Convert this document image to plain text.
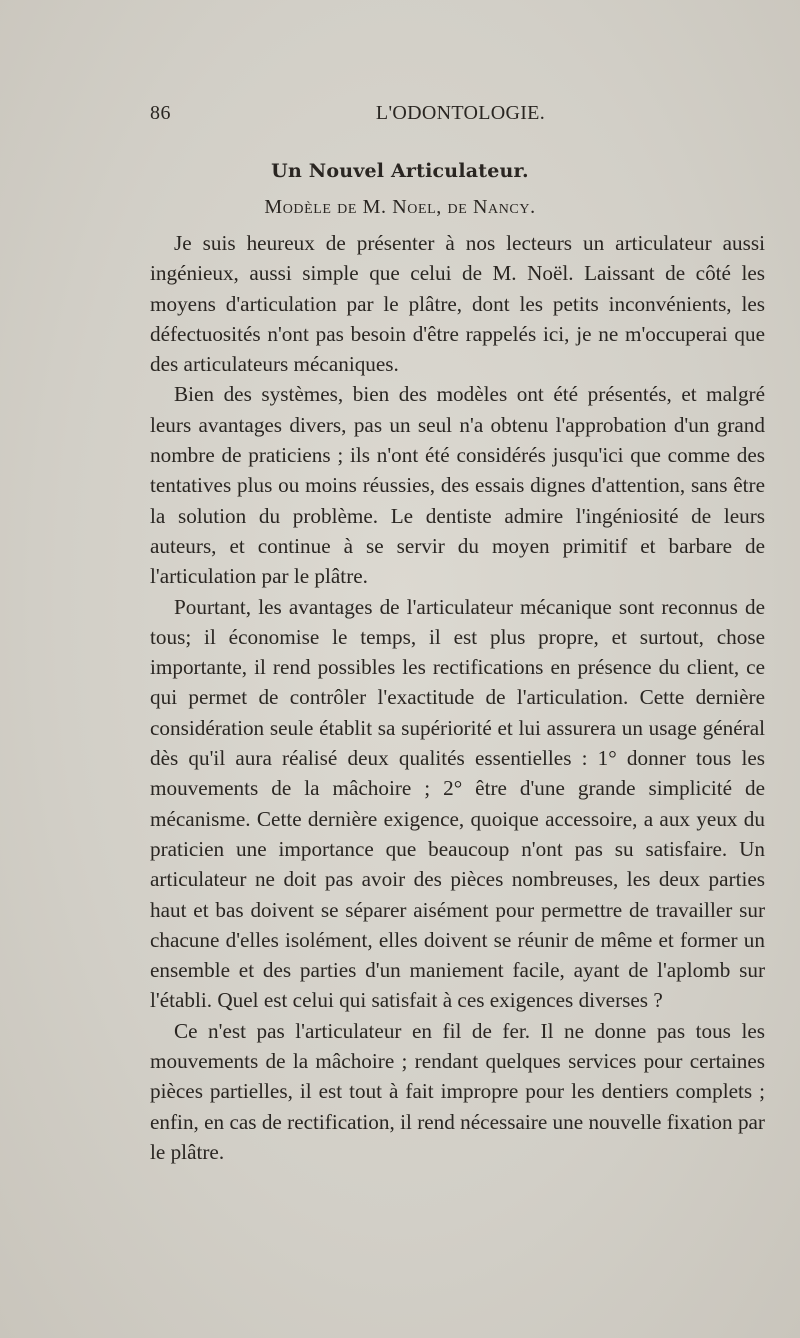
86	L'ODONTOLOGIE.
Un Nouvel Articulateur.
Modèle de M. Noel, de Nancy.

Je suis heureux de présenter à nos lecteurs un articulateur aussi ingénieux, aussi simple que celui de M. Noël. Laissant de côté les moyens d'articulation par le plâtre, dont les petits inconvénients, les défectuosités n'ont pas besoin d'être rappelés ici, je ne m'occuperai que des articulateurs mécaniques.

Bien des systèmes, bien des modèles ont été présentés, et malgré leurs avantages divers, pas un seul n'a obtenu l'approbation d'un grand nombre de praticiens ; ils n'ont été considérés jusqu'ici que comme des tentatives plus ou moins réussies, des essais dignes d'attention, sans être la solution du problème. Le dentiste admire l'ingéniosité de leurs auteurs, et continue à se servir du moyen primitif et barbare de l'articulation par le plâtre.

Pourtant, les avantages de l'articulateur mécanique sont reconnus de tous; il économise le temps, il est plus propre, et surtout, chose importante, il rend possibles les rectifications en présence du client, ce qui permet de contrôler l'exactitude de l'articulation. Cette dernière considération seule établit sa supériorité et lui assurera un usage général dès qu'il aura réalisé deux qualités essentielles : 1° donner tous les mouvements de la mâchoire ; 2° être d'une grande simplicité de mécanisme. Cette dernière exigence, quoique accessoire, a aux yeux du praticien une importance que beaucoup n'ont pas su satisfaire. Un articulateur ne doit pas avoir des pièces nombreuses, les deux parties haut et bas doivent se séparer aisément pour permettre de travailler sur chacune d'elles isolément, elles doivent se réunir de même et former un ensemble et des parties d'un maniement facile, ayant de l'aplomb sur l'établi. Quel est celui qui satisfait à ces exigences diverses ?

Ce n'est pas l'articulateur en fil de fer. Il ne donne pas tous les mouvements de la mâchoire ; rendant quelques services pour certaines pièces partielles, il est tout à fait impropre pour les dentiers complets ; enfin, en cas de rectification, il rend nécessaire une nouvelle fixation par le plâtre.
